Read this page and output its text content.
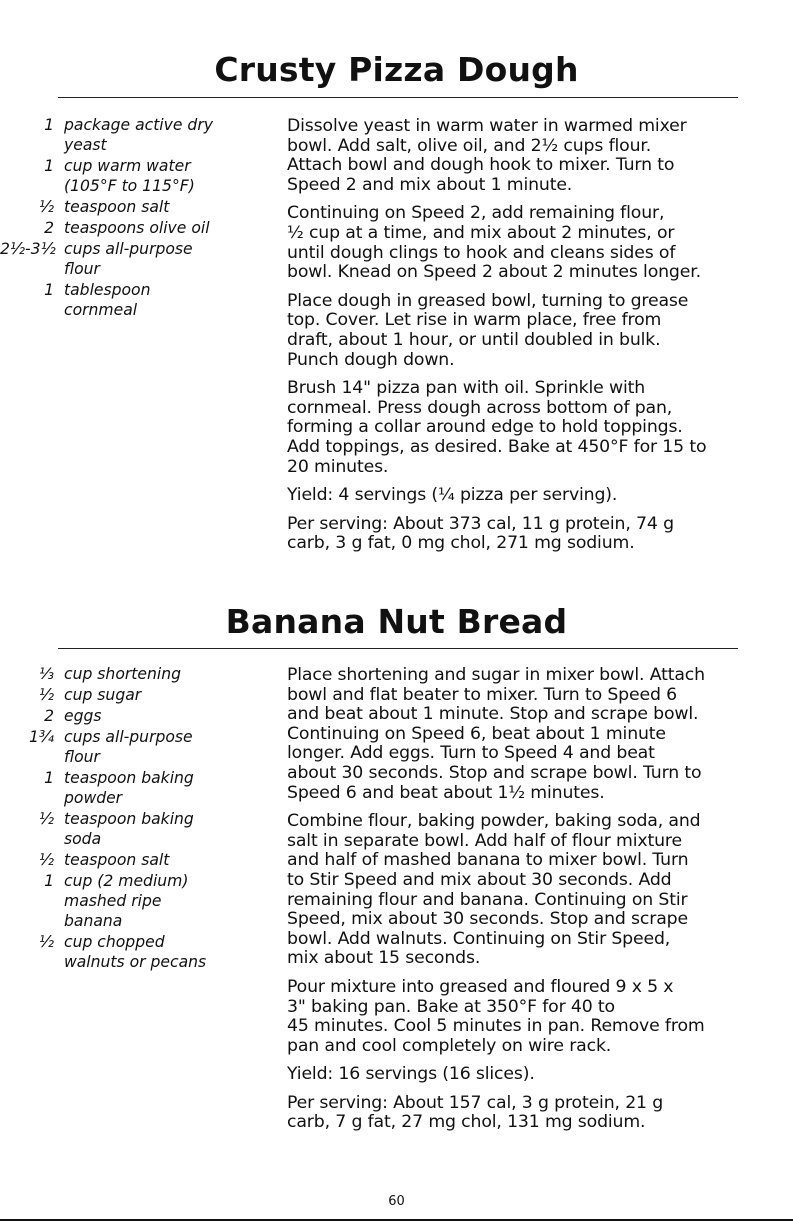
Crusty Pizza Dough
1 package active dry
yeast
1 cup warm water
(105°F to 115°F)
½ teaspoon salt
2 teaspoons olive oil
2½-3½ cups all-purpose
flour
1 tablespoon
cornmeal

Dissolve yeast in warm water in warmed mixer
bowl. Add salt, olive oil, and 2½ cups flour.
Attach bowl and dough hook to mixer. Turn to
Speed 2 and mix about 1 minute.

Continuing on Speed 2, add remaining flour,
½ cup at a time, and mix about 2 minutes, or
until dough clings to hook and cleans sides of
bowl. Knead on Speed 2 about 2 minutes longer.

Place dough in greased bowl, turning to grease
top. Cover. Let rise in warm place, free from
draft, about 1 hour, or until doubled in bulk.
Punch dough down.

Brush 14" pizza pan with oil. Sprinkle with
cornmeal. Press dough across bottom of pan,
forming a collar around edge to hold toppings.
Add toppings, as desired. Bake at 450°F for 15 to
20 minutes.

Yield: 4 servings (¼ pizza per serving).

Per serving: About 373 cal, 11 g protein, 74 g
carb, 3 g fat, 0 mg chol, 271 mg sodium.

Banana Nut Bread
⅓ cup shortening
½ cup sugar
2 eggs
1¾ cups all-purpose
flour
1 teaspoon baking
powder
½ teaspoon baking
soda
½ teaspoon salt
1 cup (2 medium)
mashed ripe
banana
½ cup chopped
walnuts or pecans

Place shortening and sugar in mixer bowl. Attach
bowl and flat beater to mixer. Turn to Speed 6
and beat about 1 minute. Stop and scrape bowl.
Continuing on Speed 6, beat about 1 minute
longer. Add eggs. Turn to Speed 4 and beat
about 30 seconds. Stop and scrape bowl. Turn to
Speed 6 and beat about 1½ minutes.

Combine flour, baking powder, baking soda, and
salt in separate bowl. Add half of flour mixture
and half of mashed banana to mixer bowl. Turn
to Stir Speed and mix about 30 seconds. Add
remaining flour and banana. Continuing on Stir
Speed, mix about 30 seconds. Stop and scrape
bowl. Add walnuts. Continuing on Stir Speed,
mix about 15 seconds.

Pour mixture into greased and floured 9 x 5 x
3" baking pan. Bake at 350°F for 40 to
45 minutes. Cool 5 minutes in pan. Remove from
pan and cool completely on wire rack.

Yield: 16 servings (16 slices).

Per serving: About 157 cal, 3 g protein, 21 g
carb, 7 g fat, 27 mg chol, 131 mg sodium.

60
